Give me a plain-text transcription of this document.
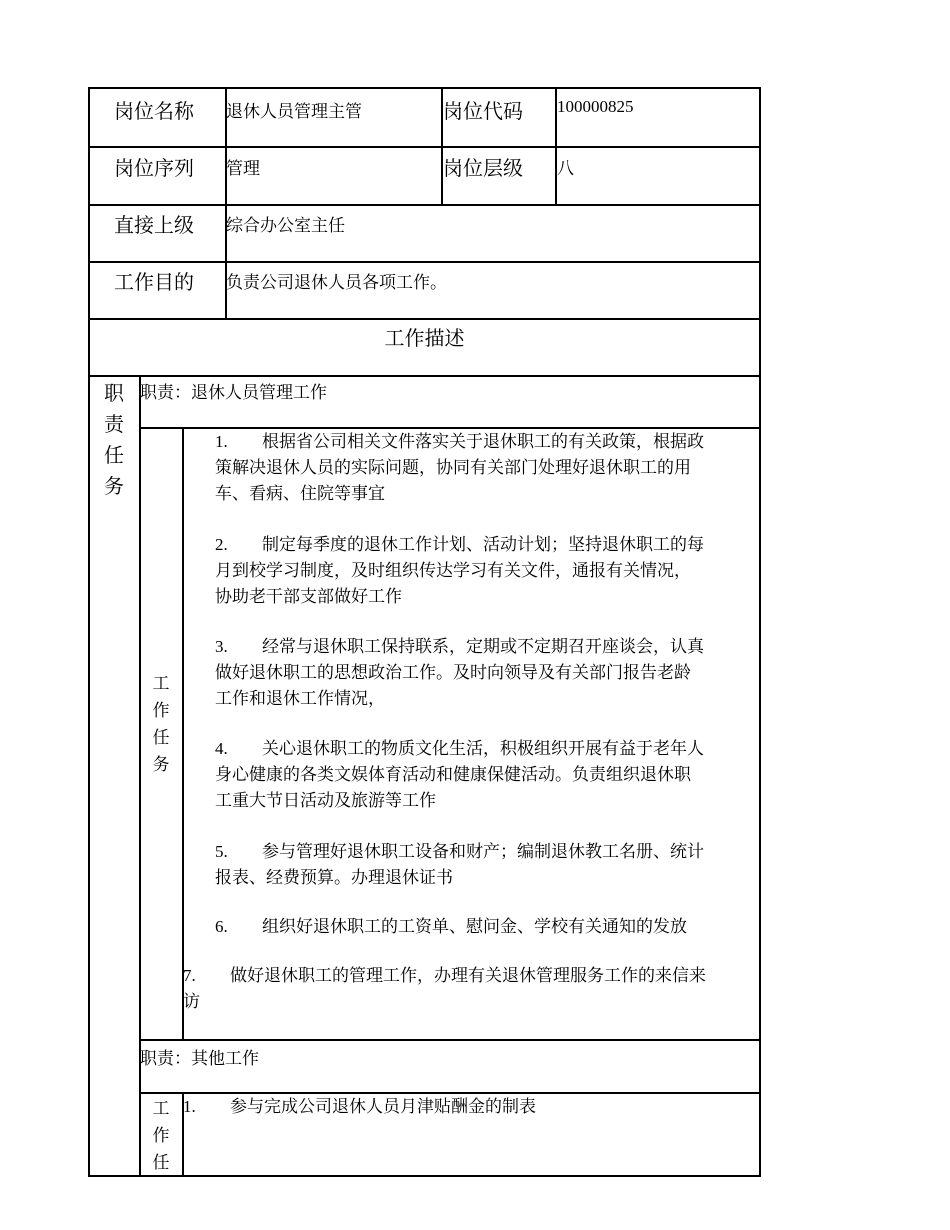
岗位名称 退休人员管理主管	岗位代码 100000825
岗位序列 管理	岗位层级 八
直接上级 综合办公室主任
工作目的 负责公司退休人员各项工作。
工作描述
职
责
任
务
职责：退休人员管理工作
工
作
任
务
1. 根据省公司相关文件落实关于退休职工的有关政策，根据政
策解决退休人员的实际问题，协同有关部门处理好退休职工的用
车、看病、住院等事宜
2. 制定每季度的退休工作计划、活动计划；坚持退休职工的每
月到校学习制度，及时组织传达学习有关文件，通报有关情况，
协助老干部支部做好工作
3. 经常与退休职工保持联系，定期或不定期召开座谈会，认真
做好退休职工的思想政治工作。及时向领导及有关部门报告老龄
工作和退休工作情况，
4. 关心退休职工的物质文化生活，积极组织开展有益于老年人
身心健康的各类文娱体育活动和健康保健活动。负责组织退休职
工重大节日活动及旅游等工作
5. 参与管理好退休职工设备和财产；编制退休教工名册、统计
报表、经费预算。办理退休证书
6. 组织好退休职工的工资单、慰问金、学校有关通知的发放
7. 做好退休职工的管理工作，办理有关退休管理服务工作的来信来
访
职责：其他工作
工
作
任
1. 参与完成公司退休人员月津贴酬金的制表
